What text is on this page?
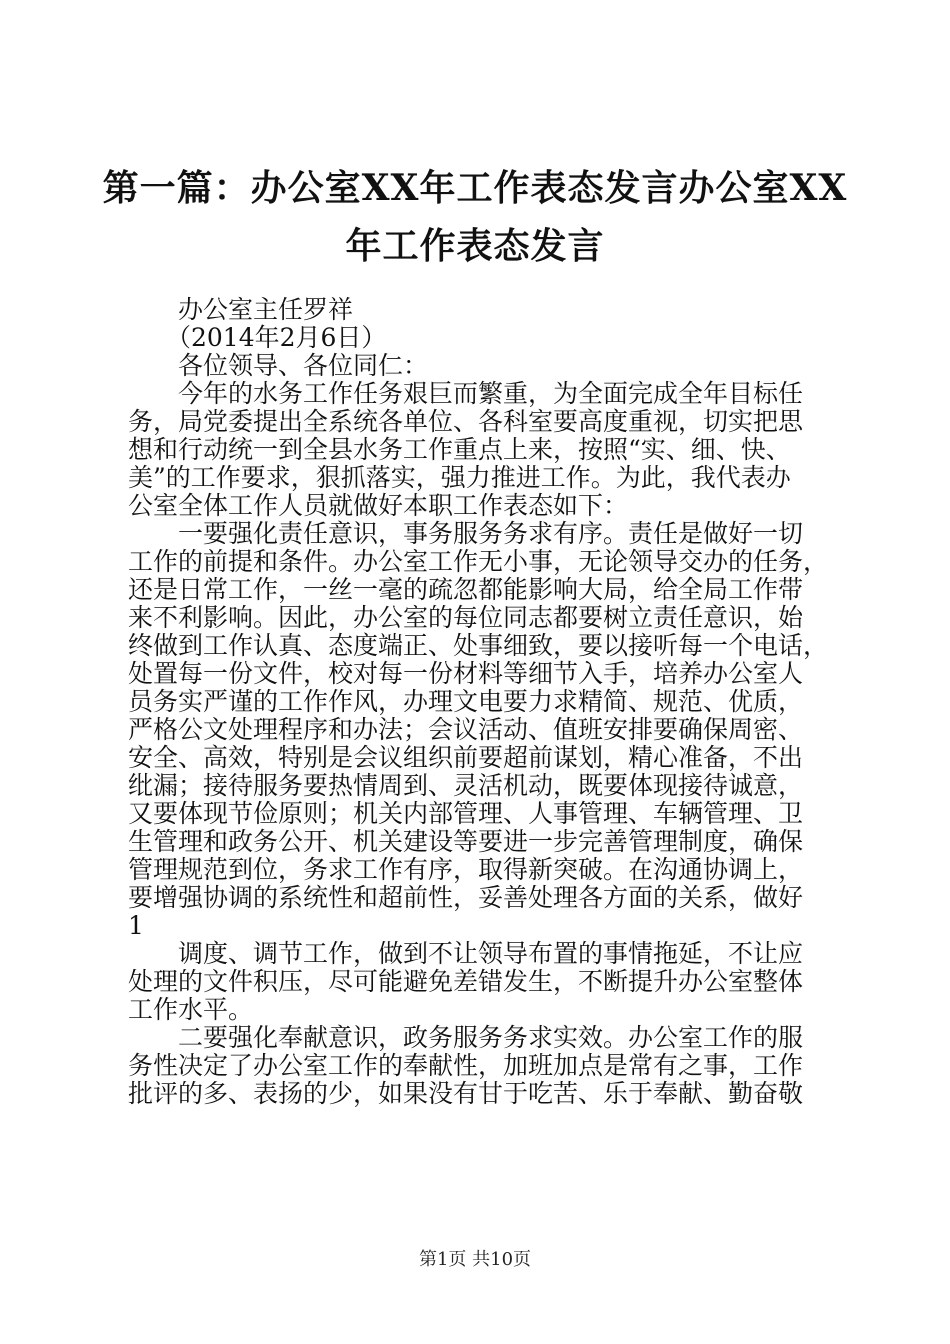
第一篇：办公室XX年工作表态发言办公室XX
年工作表态发言
办公室主任罗祥
（2014年2月6日）
各位领导、各位同仁：
今年的水务工作任务艰巨而繁重，为全面完成全年目标任
务，局党委提出全系统各单位、各科室要高度重视，切实把思
想和行动统一到全县水务工作重点上来，按照“实、细、快、
美”的工作要求，狠抓落实，强力推进工作。为此，我代表办
公室全体工作人员就做好本职工作表态如下：
一要强化责任意识，事务服务务求有序。责任是做好一切
工作的前提和条件。办公室工作无小事，无论领导交办的任务，
还是日常工作，一丝一毫的疏忽都能影响大局，给全局工作带
来不利影响。因此，办公室的每位同志都要树立责任意识，始
终做到工作认真、态度端正、处事细致，要以接听每一个电话，
处置每一份文件，校对每一份材料等细节入手，培养办公室人
员务实严谨的工作作风，办理文电要力求精简、规范、优质，
严格公文处理程序和办法；会议活动、值班安排要确保周密、
安全、高效，特别是会议组织前要超前谋划，精心准备，不出
纰漏；接待服务要热情周到、灵活机动，既要体现接待诚意，
又要体现节俭原则；机关内部管理、人事管理、车辆管理、卫
生管理和政务公开、机关建设等要进一步完善管理制度，确保
管理规范到位，务求工作有序，取得新突破。在沟通协调上，
要增强协调的系统性和超前性，妥善处理各方面的关系，做好
1
调度、调节工作，做到不让领导布置的事情拖延，不让应
处理的文件积压，尽可能避免差错发生，不断提升办公室整体
工作水平。
二要强化奉献意识，政务服务务求实效。办公室工作的服
务性决定了办公室工作的奉献性，加班加点是常有之事，工作
批评的多、表扬的少，如果没有甘于吃苦、乐于奉献、勤奋敬
第1页 共10页
